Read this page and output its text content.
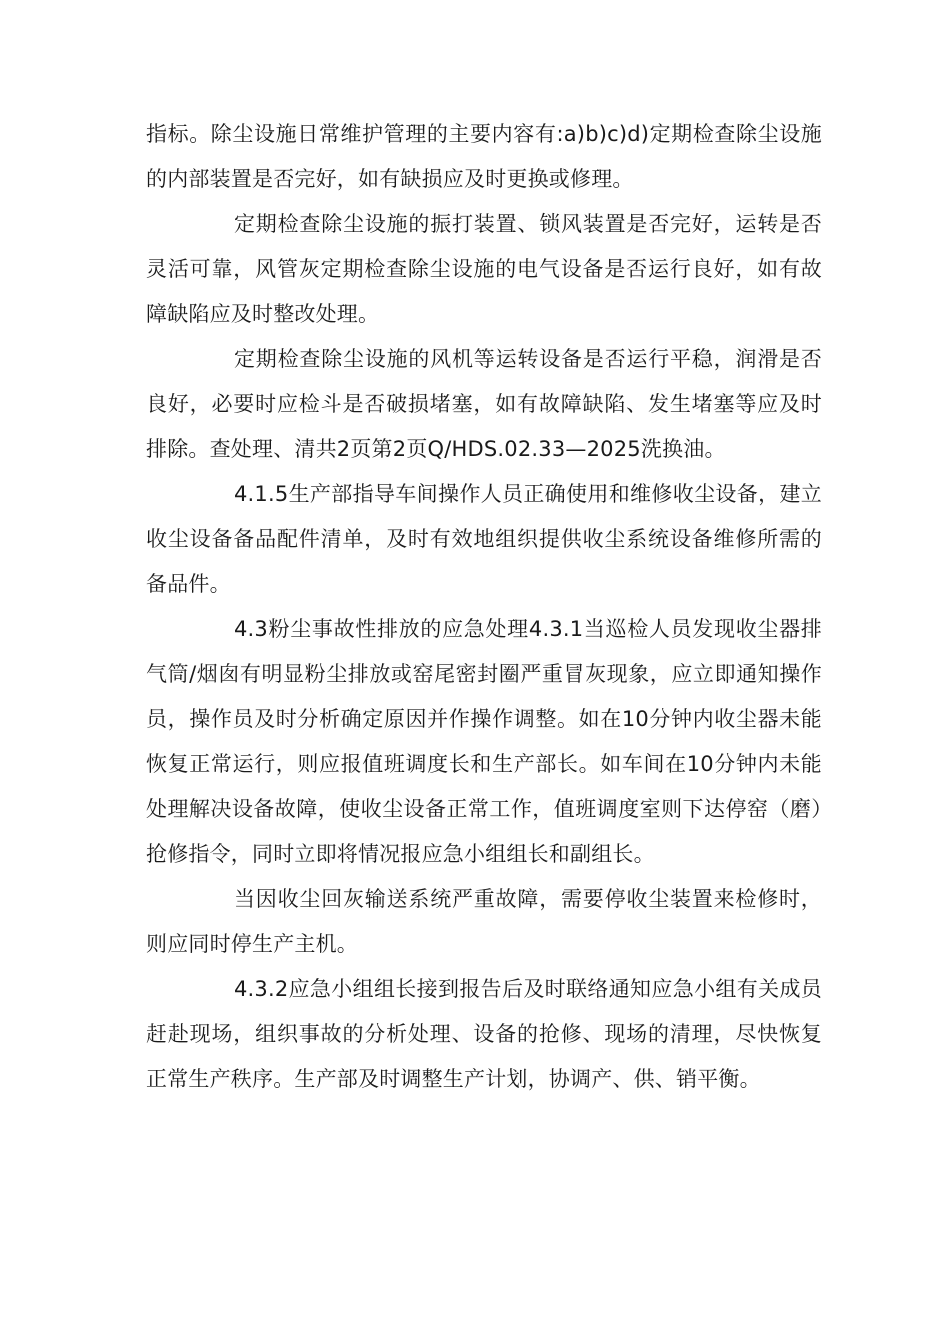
指标。除尘设施日常维护管理的主要内容有:a)b)c)d)定期检查除尘设施的内部装置是否完好，如有缺损应及时更换或修理。

定期检查除尘设施的振打装置、锁风装置是否完好，运转是否灵活可靠，风管灰定期检查除尘设施的电气设备是否运行良好，如有故障缺陷应及时整改处理。

定期检查除尘设施的风机等运转设备是否运行平稳，润滑是否良好，必要时应检斗是否破损堵塞，如有故障缺陷、发生堵塞等应及时排除。查处理、清共2页第2页Q/HDS.02.33—2025洗换油。

4.1.5生产部指导车间操作人员正确使用和维修收尘设备，建立收尘设备备品配件清单，及时有效地组织提供收尘系统设备维修所需的备品件。

4.3粉尘事故性排放的应急处理4.3.1当巡检人员发现收尘器排气筒/烟囱有明显粉尘排放或窑尾密封圈严重冒灰现象，应立即通知操作员，操作员及时分析确定原因并作操作调整。如在10分钟内收尘器未能恢复正常运行，则应报值班调度长和生产部长。如车间在10分钟内未能处理解决设备故障，使收尘设备正常工作，值班调度室则下达停窑（磨）抢修指令，同时立即将情况报应急小组组长和副组长。

当因收尘回灰输送系统严重故障，需要停收尘装置来检修时，则应同时停生产主机。

4.3.2应急小组组长接到报告后及时联络通知应急小组有关成员赶赴现场，组织事故的分析处理、设备的抢修、现场的清理，尽快恢复正常生产秩序。生产部及时调整生产计划，协调产、供、销平衡。
